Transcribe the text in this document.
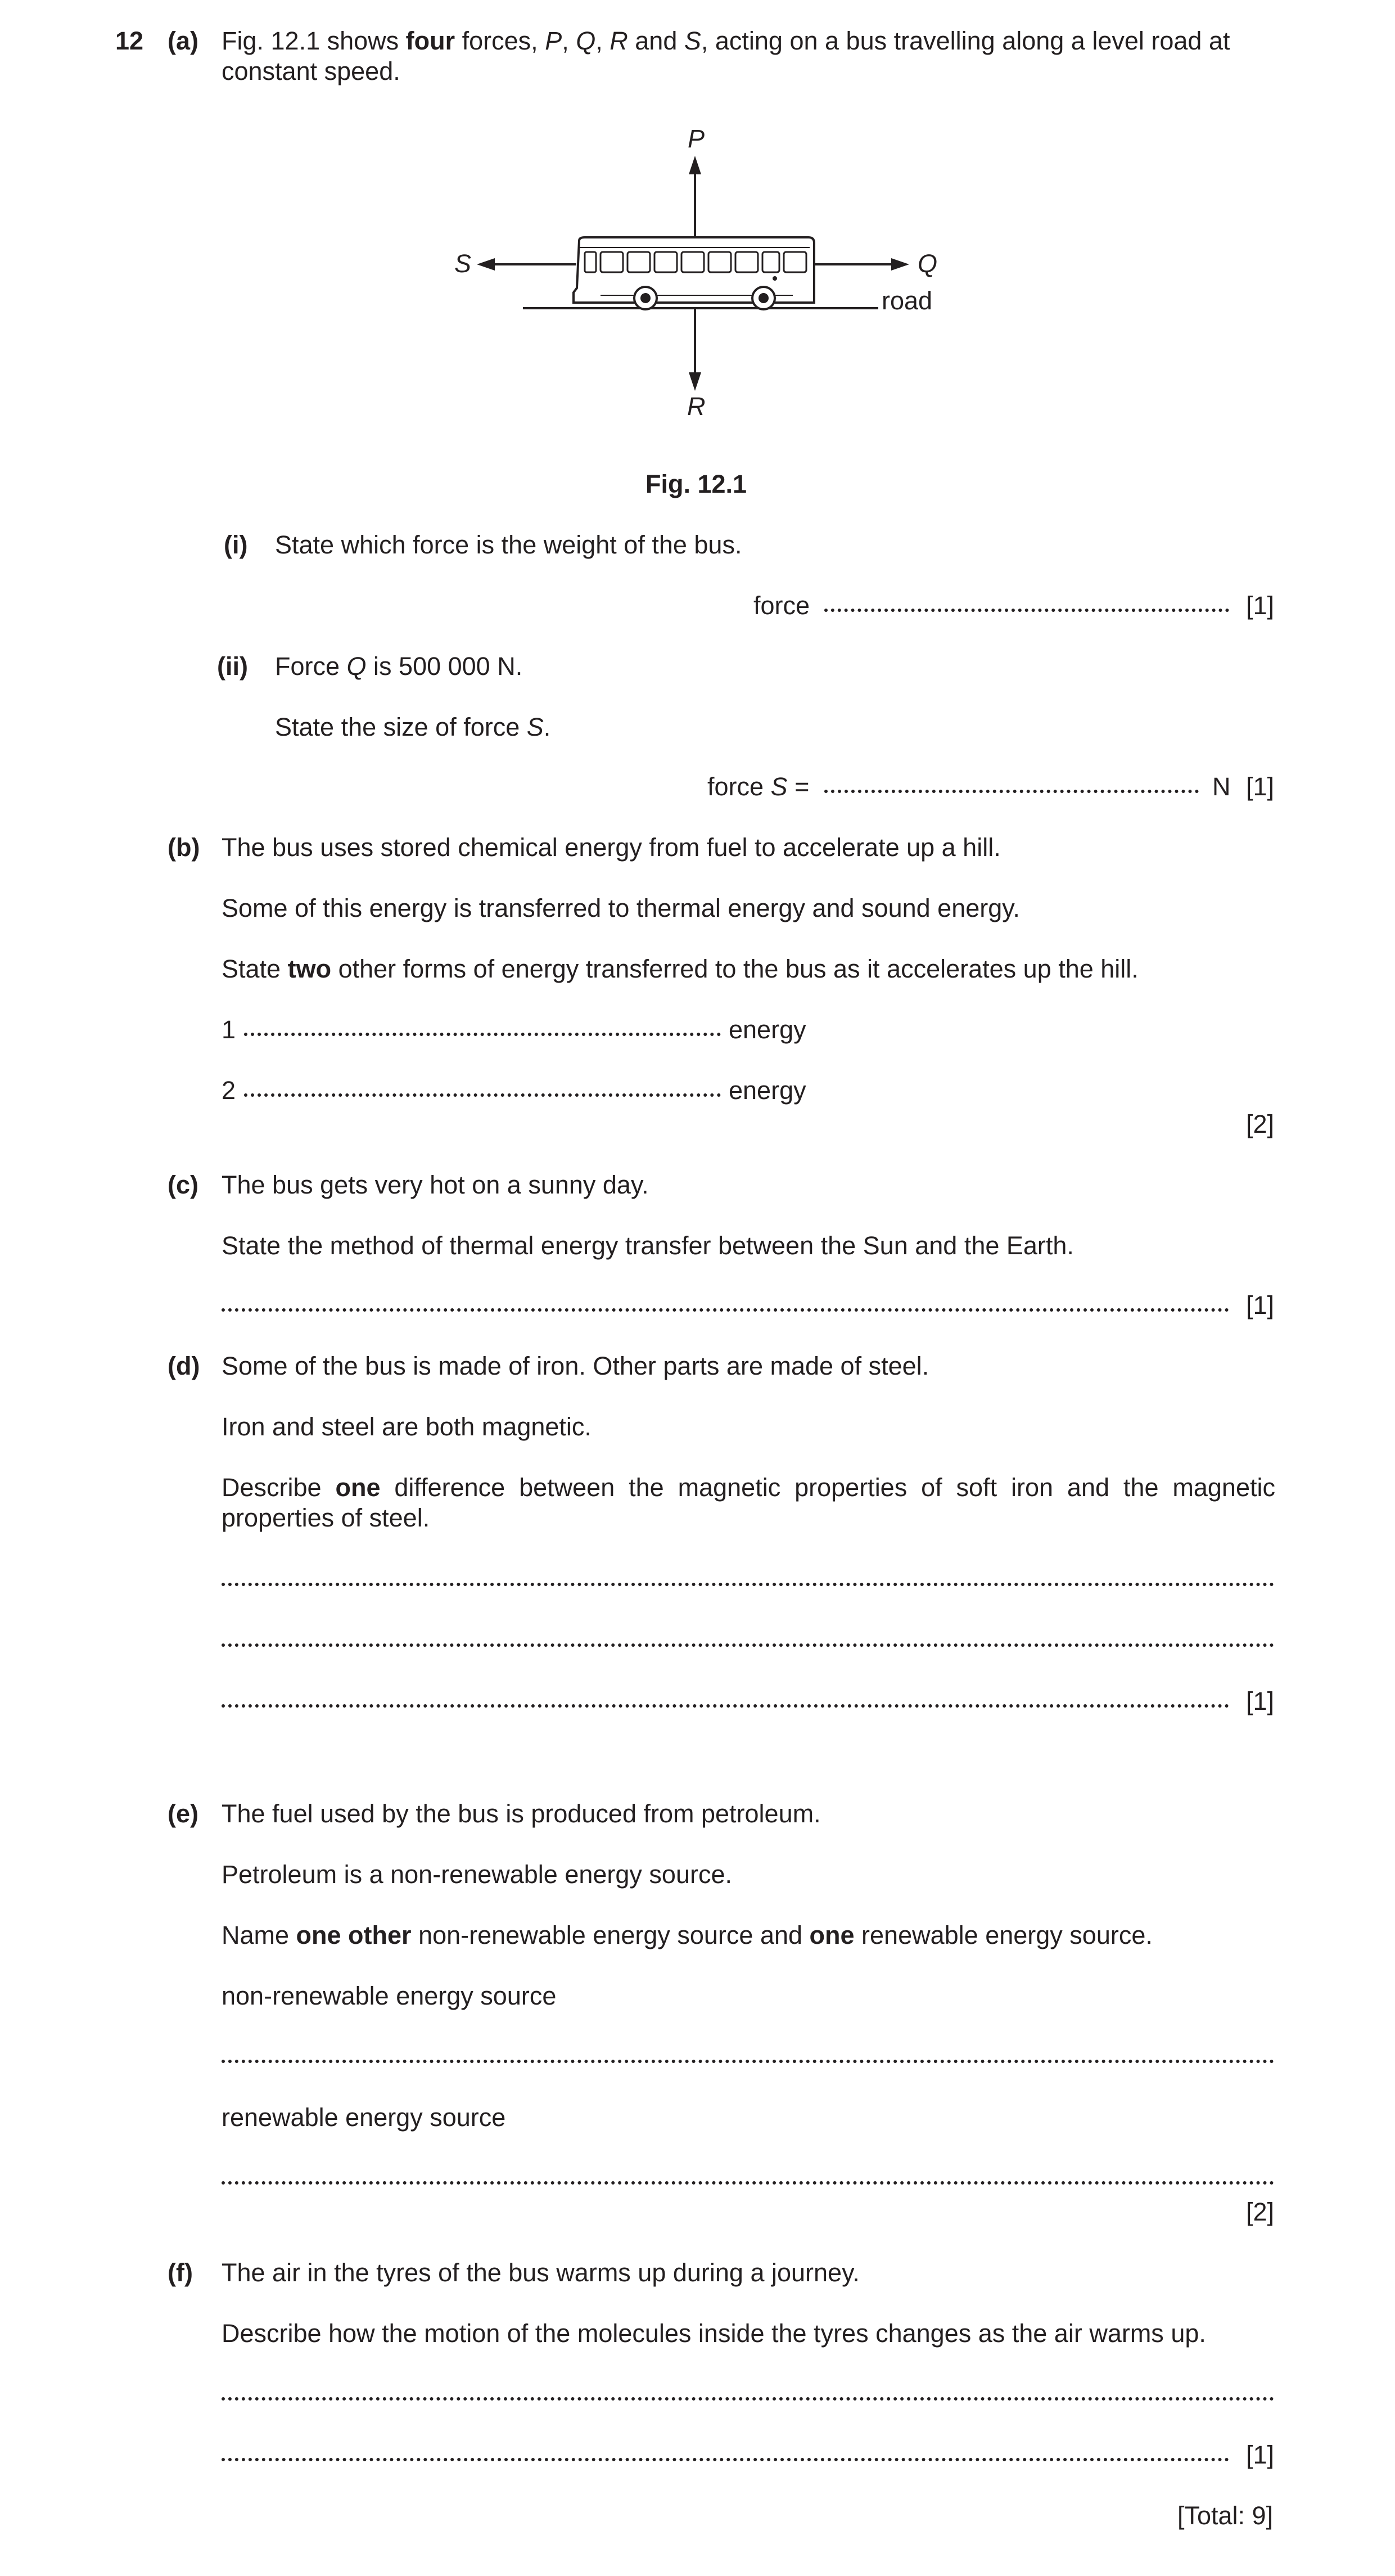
12 (a) Fig. 12.1 shows four forces, P, Q, R and S, acting on a bus travelling along a level road at
constant speed.
P
Q
R
S
road
Fig. 12.1
(i) State which force is the weight of the bus.
force	[1]
(ii) Force Q is 500 000 N.
State the size of force S.
force S =	N [1]
(b) The bus uses stored chemical energy from fuel to accelerate up a hill.
Some of this energy is transferred to thermal energy and sound energy.
State two other forms of energy transferred to the bus as it accelerates up the hill.
1	energy
2	energy
[2]
(c) The bus gets very hot on a sunny day.
State the method of thermal energy transfer between the Sun and the Earth.
[1]
(d) Some of the bus is made of iron. Other parts are made of steel.
Iron and steel are both magnetic.
Describe one difference between the magnetic properties of soft iron and the magnetic
properties of steel.
[1]
(e) The fuel used by the bus is produced from petroleum.
Petroleum is a non-renewable energy source.
Name one other non-renewable energy source and one renewable energy source.
non-renewable energy source
renewable energy source
[2]
(f) The air in the tyres of the bus warms up during a journey.
Describe how the motion of the molecules inside the tyres changes as the air warms up.
[1]
[Total: 9]
